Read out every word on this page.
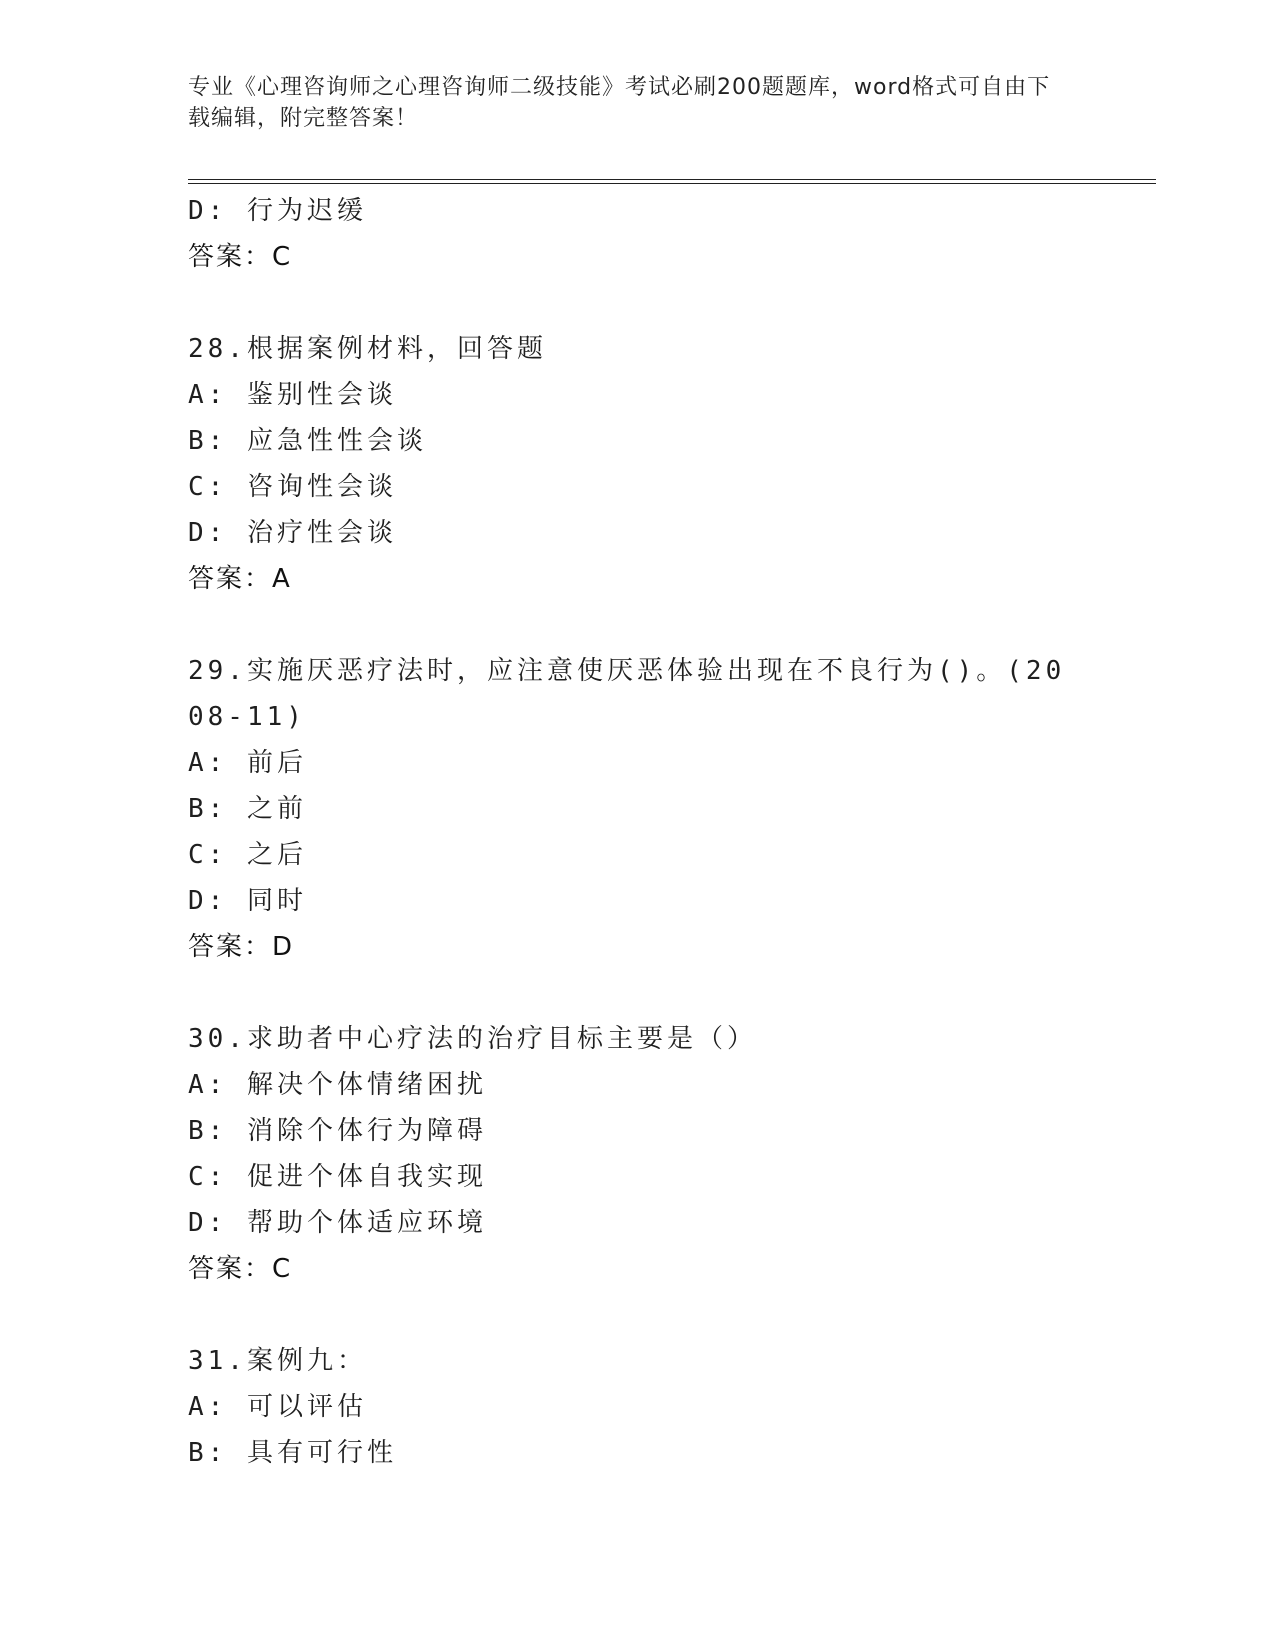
专业《心理咨询师之心理咨询师二级技能》考试必刷200题题库，word格式可自由下载编辑，附完整答案！
D: 行为迟缓
答案：C
28.根据案例材料，回答题
A: 鉴别性会谈
B: 应急性性会谈
C: 咨询性会谈
D: 治疗性会谈
答案：A
29.实施厌恶疗法时，应注意使厌恶体验出现在不良行为()。(2008-11)
A: 前后
B: 之前
C: 之后
D: 同时
答案：D
30.求助者中心疗法的治疗目标主要是（）
A: 解决个体情绪困扰
B: 消除个体行为障碍
C: 促进个体自我实现
D: 帮助个体适应环境
答案：C
31.案例九：
A: 可以评估
B: 具有可行性
